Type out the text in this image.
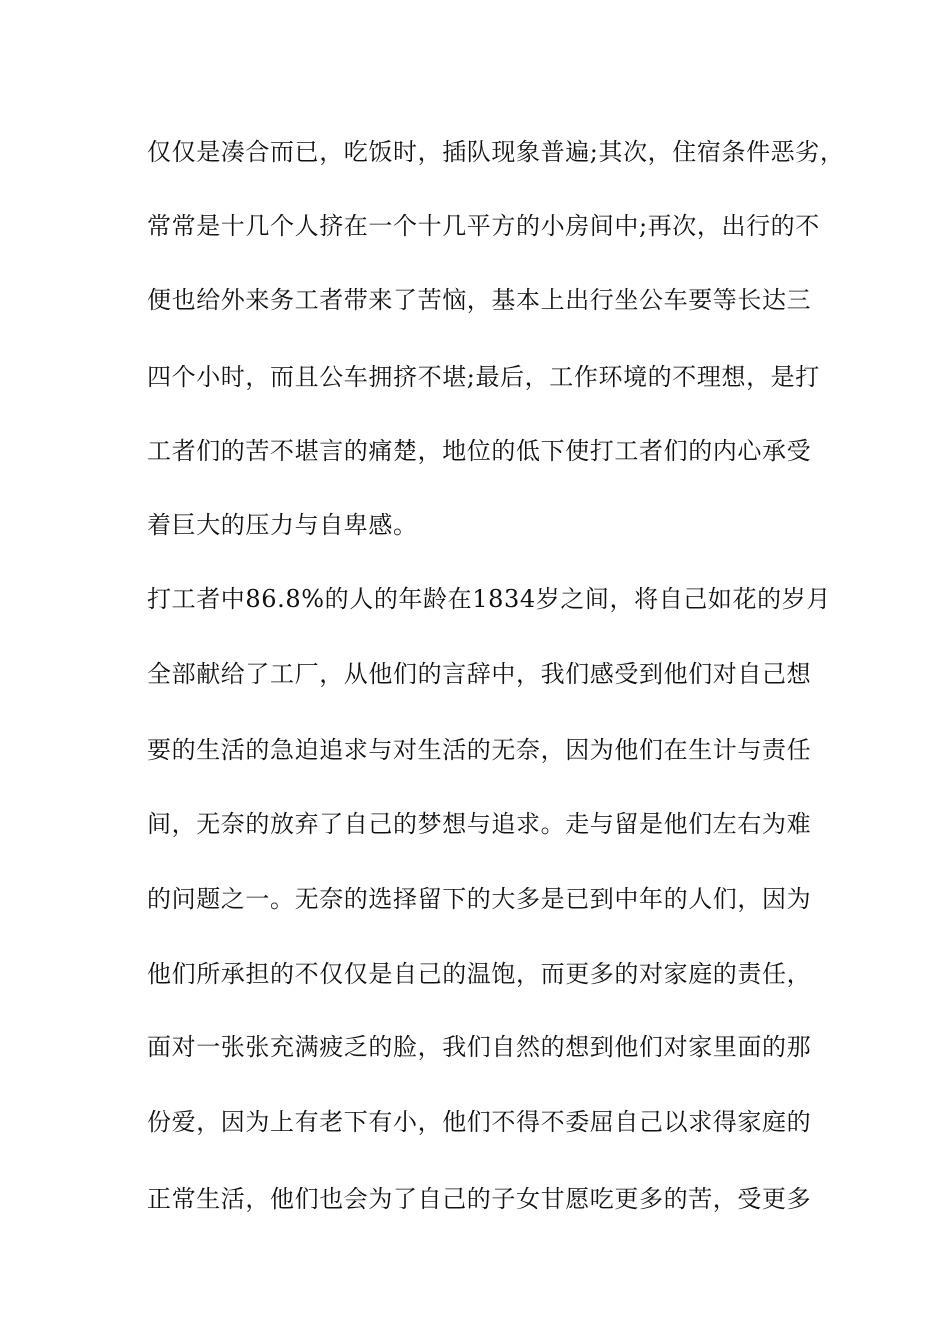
仅仅是凑合而已，吃饭时，插队现象普遍;其次，住宿条件恶劣，
常常是十几个人挤在一个十几平方的小房间中;再次，出行的不
便也给外来务工者带来了苦恼，基本上出行坐公车要等长达三
四个小时，而且公车拥挤不堪;最后，工作环境的不理想，是打
工者们的苦不堪言的痛楚，地位的低下使打工者们的内心承受
着巨大的压力与自卑感。
打工者中86.8%的人的年龄在1834岁之间，将自己如花的岁月
全部献给了工厂，从他们的言辞中，我们感受到他们对自己想
要的生活的急迫追求与对生活的无奈，因为他们在生计与责任
间，无奈的放弃了自己的梦想与追求。走与留是他们左右为难
的问题之一。无奈的选择留下的大多是已到中年的人们，因为
他们所承担的不仅仅是自己的温饱，而更多的对家庭的责任，
面对一张张充满疲乏的脸，我们自然的想到他们对家里面的那
份爱，因为上有老下有小，他们不得不委屈自己以求得家庭的
正常生活，他们也会为了自己的子女甘愿吃更多的苦，受更多
